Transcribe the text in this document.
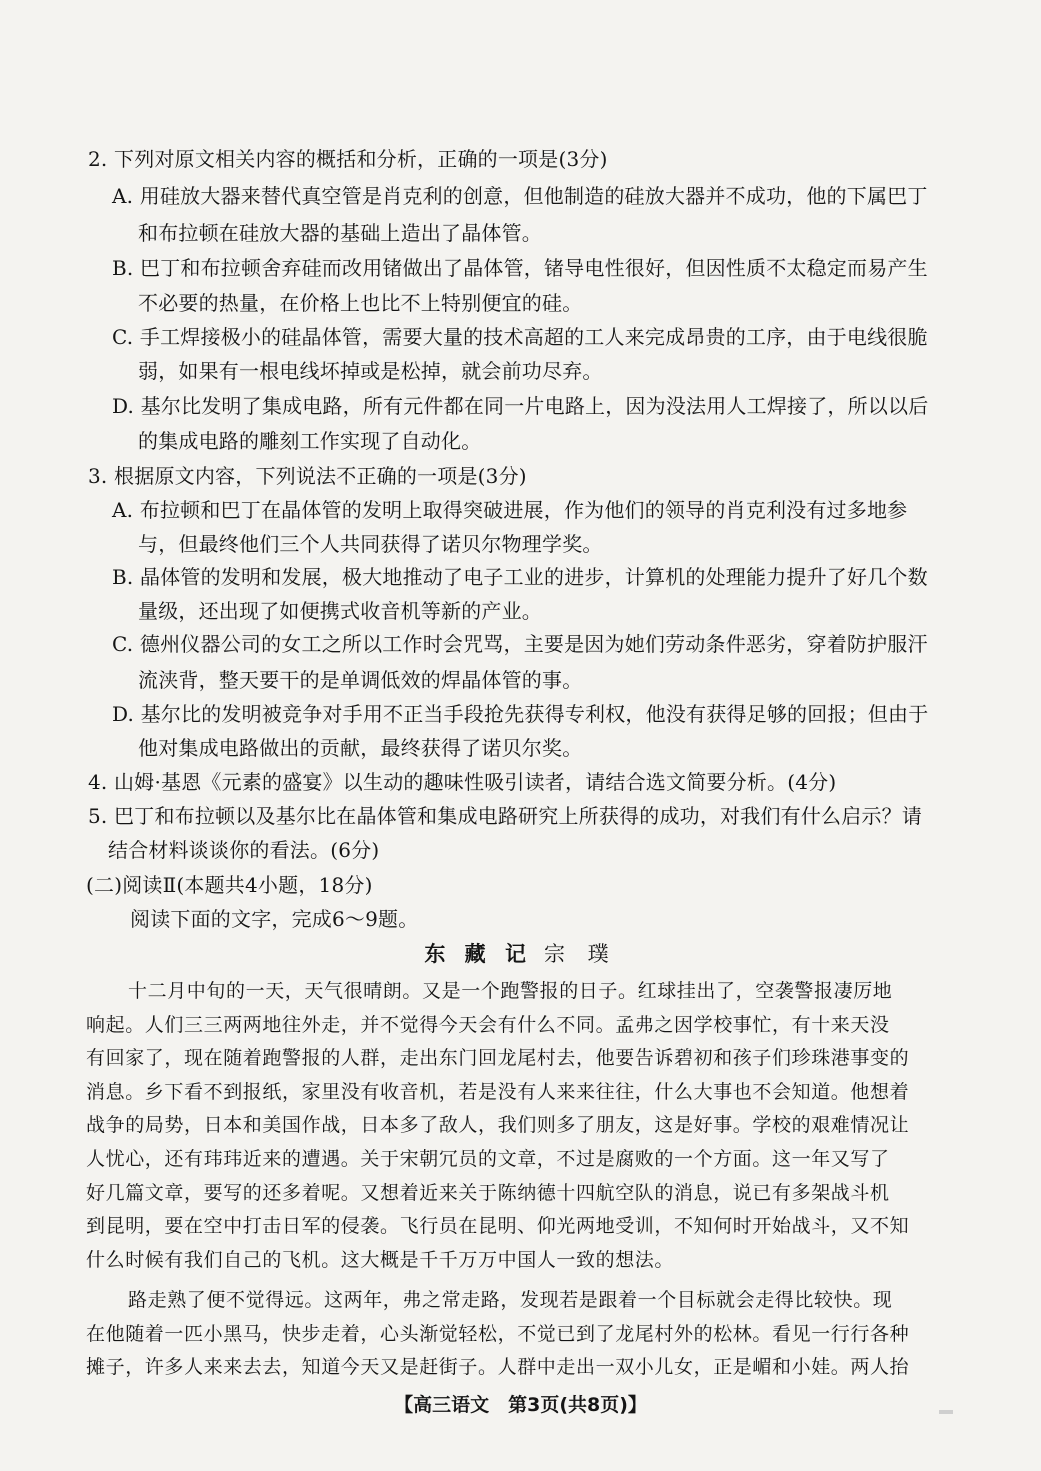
2. 下列对原文相关内容的概括和分析，正确的一项是(3分)
A. 用硅放大器来替代真空管是肖克利的创意，但他制造的硅放大器并不成功，他的下属巴丁
和布拉顿在硅放大器的基础上造出了晶体管。
B. 巴丁和布拉顿舍弃硅而改用锗做出了晶体管，锗导电性很好，但因性质不太稳定而易产生
不必要的热量，在价格上也比不上特别便宜的硅。
C. 手工焊接极小的硅晶体管，需要大量的技术高超的工人来完成昂贵的工序，由于电线很脆
弱，如果有一根电线坏掉或是松掉，就会前功尽弃。
D. 基尔比发明了集成电路，所有元件都在同一片电路上，因为没法用人工焊接了，所以以后
的集成电路的雕刻工作实现了自动化。
3. 根据原文内容，下列说法不正确的一项是(3分)
A. 布拉顿和巴丁在晶体管的发明上取得突破进展，作为他们的领导的肖克利没有过多地参
与，但最终他们三个人共同获得了诺贝尔物理学奖。
B. 晶体管的发明和发展，极大地推动了电子工业的进步，计算机的处理能力提升了好几个数
量级，还出现了如便携式收音机等新的产业。
C. 德州仪器公司的女工之所以工作时会咒骂，主要是因为她们劳动条件恶劣，穿着防护服汗
流浃背，整天要干的是单调低效的焊晶体管的事。
D. 基尔比的发明被竞争对手用不正当手段抢先获得专利权，他没有获得足够的回报；但由于
他对集成电路做出的贡献，最终获得了诺贝尔奖。
4. 山姆·基恩《元素的盛宴》以生动的趣味性吸引读者，请结合选文简要分析。(4分)
5. 巴丁和布拉顿以及基尔比在晶体管和集成电路研究上所获得的成功，对我们有什么启示？请
结合材料谈谈你的看法。(6分)
(二)阅读Ⅱ(本题共4小题，18分)
阅读下面的文字，完成6～9题。
东 藏 记 宗 璞
十二月中旬的一天，天气很晴朗。又是一个跑警报的日子。红球挂出了，空袭警报凄厉地
响起。人们三三两两地往外走，并不觉得今天会有什么不同。孟弗之因学校事忙，有十来天没
有回家了，现在随着跑警报的人群，走出东门回龙尾村去，他要告诉碧初和孩子们珍珠港事变的
消息。乡下看不到报纸，家里没有收音机，若是没有人来来往往，什么大事也不会知道。他想着
战争的局势，日本和美国作战，日本多了敌人，我们则多了朋友，这是好事。学校的艰难情况让
人忧心，还有玮玮近来的遭遇。关于宋朝冗员的文章，不过是腐败的一个方面。这一年又写了
好几篇文章，要写的还多着呢。又想着近来关于陈纳德十四航空队的消息，说已有多架战斗机
到昆明，要在空中打击日军的侵袭。飞行员在昆明、仰光两地受训，不知何时开始战斗，又不知
什么时候有我们自己的飞机。这大概是千千万万中国人一致的想法。
路走熟了便不觉得远。这两年，弗之常走路，发现若是跟着一个目标就会走得比较快。现
在他随着一匹小黑马，快步走着，心头渐觉轻松，不觉已到了龙尾村外的松林。看见一行行各种
摊子，许多人来来去去，知道今天又是赶街子。人群中走出一双小儿女，正是嵋和小娃。两人抬
【高三语文　第3页(共8页)】
